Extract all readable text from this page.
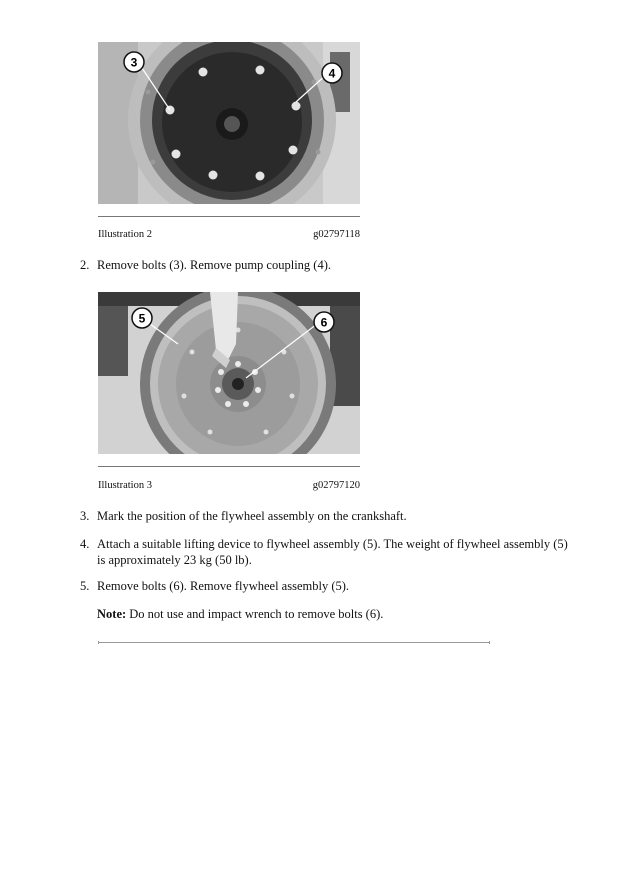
3
4
Illustration 2	g02797118
2. Remove bolts (3). Remove pump coupling (4).
5	6
Illustration 3	g02797120
3. Mark the position of the flywheel assembly on the crankshaft.
4. Attach a suitable lifting device to flywheel assembly (5). The weight of flywheel assembly (5) is approximately 23 kg (50 lb).
5. Remove bolts (6). Remove flywheel assembly (5).
Note: Do not use and impact wrench to remove bolts (6).
